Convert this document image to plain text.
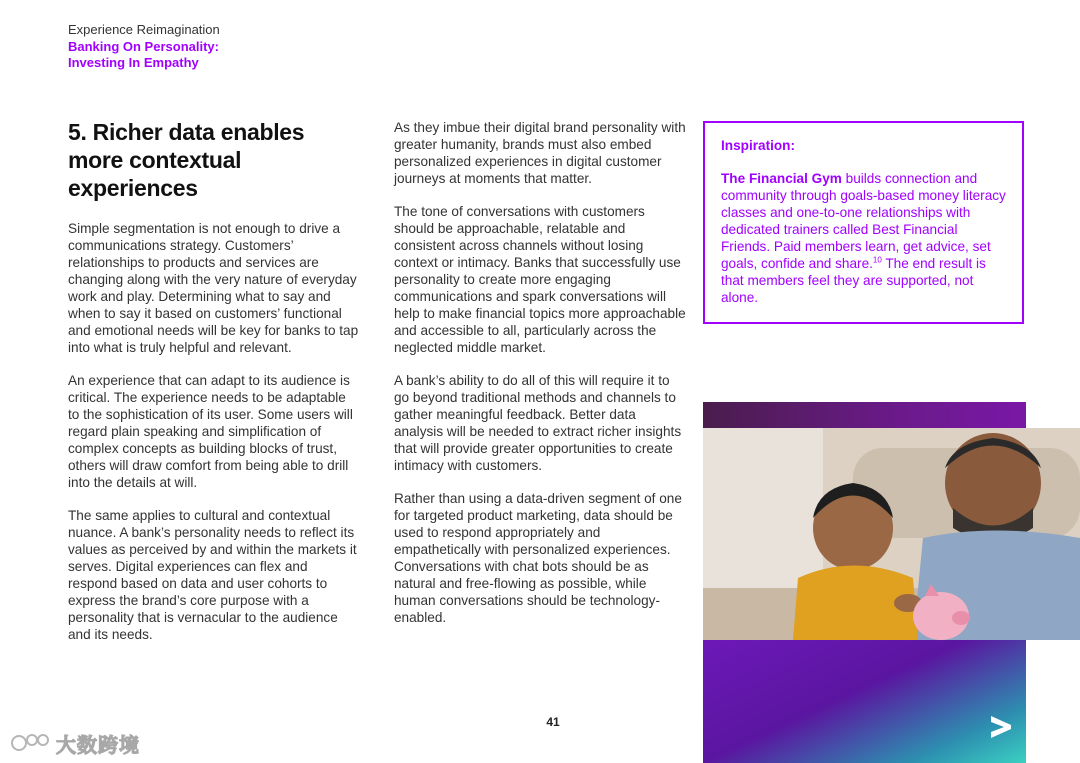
Experience Reimagination
Banking On Personality:
Investing In Empathy
5. Richer data enables more contextual experiences

Simple segmentation is not enough to drive a communications strategy. Customers’ relationships to products and services are changing along with the very nature of everyday work and play. Determining what to say and when to say it based on customers’ functional and emotional needs will be key for banks to tap into what is truly helpful and relevant.

An experience that can adapt to its audience is critical. The experience needs to be adaptable to the sophistication of its user. Some users will regard plain speaking and simplification of complex concepts as building blocks of trust, others will draw comfort from being able to drill into the details at will.

The same applies to cultural and contextual nuance. A bank’s personality needs to reflect its values as perceived by and within the markets it serves. Digital experiences can flex and respond based on data and user cohorts to express the brand’s core purpose with a personality that is vernacular to the audience and its needs.

As they imbue their digital brand personality with greater humanity, brands must also embed personalized experiences in digital customer journeys at moments that matter.

The tone of conversations with customers should be approachable, relatable and consistent across channels without losing context or intimacy. Banks that successfully use personality to create more engaging communications and spark conversations will help to make financial topics more approachable and accessible to all, particularly across the neglected middle market.

A bank’s ability to do all of this will require it to go beyond traditional methods and channels to gather meaningful feedback. Better data analysis will be needed to extract richer insights that will provide greater opportunities to create intimacy with customers.

Rather than using a data-driven segment of one for targeted product marketing, data should be used to respond appropriately and empathetically with personalized experiences. Conversations with chat bots should be as natural and free-flowing as possible, while human conversations should be technology-enabled.

Inspiration:

The Financial Gym builds connection and community through goals-based money literacy classes and one-to-one relationships with dedicated trainers called Best Financial Friends. Paid members learn, get advice, set goals, confide and share.$^{10}$ The end result is that members feel they are supported, not alone.

41
大数跨境
